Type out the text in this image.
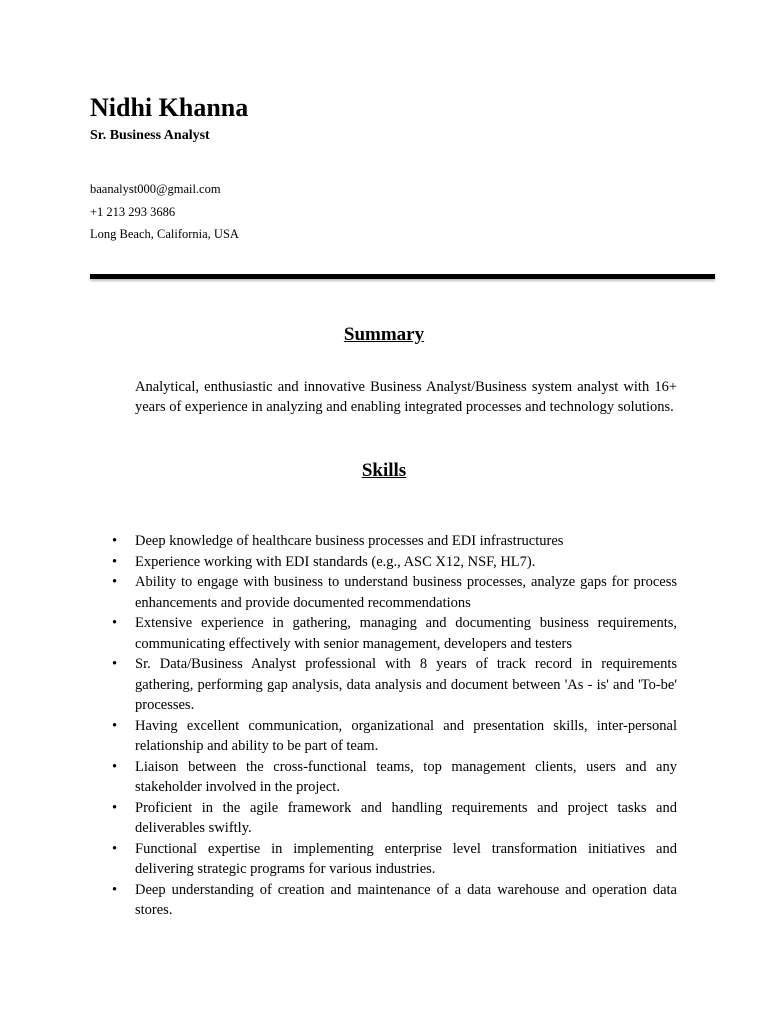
Nidhi Khanna
Sr. Business Analyst
baanalyst000@gmail.com
+1 213 293 3686
Long Beach, California, USA
Summary

Analytical, enthusiastic and innovative Business Analyst/Business system analyst with 16+ years of experience in analyzing and enabling integrated processes and technology solutions.

Skills
• Deep knowledge of healthcare business processes and EDI infrastructures
• Experience working with EDI standards (e.g., ASC X12, NSF, HL7).
• Ability to engage with business to understand business processes, analyze gaps for process enhancements and provide documented recommendations
• Extensive experience in gathering, managing and documenting business requirements, communicating effectively with senior management, developers and testers
• Sr. Data/Business Analyst professional with 8 years of track record in requirements gathering, performing gap analysis, data analysis and document between 'As - is' and 'To-be' processes.
• Having excellent communication, organizational and presentation skills, inter-personal relationship and ability to be part of team.
• Liaison between the cross-functional teams, top management clients, users and any stakeholder involved in the project.
• Proficient in the agile framework and handling requirements and project tasks and deliverables swiftly.
• Functional expertise in implementing enterprise level transformation initiatives and delivering strategic programs for various industries.
• Deep understanding of creation and maintenance of a data warehouse and operation data stores.
